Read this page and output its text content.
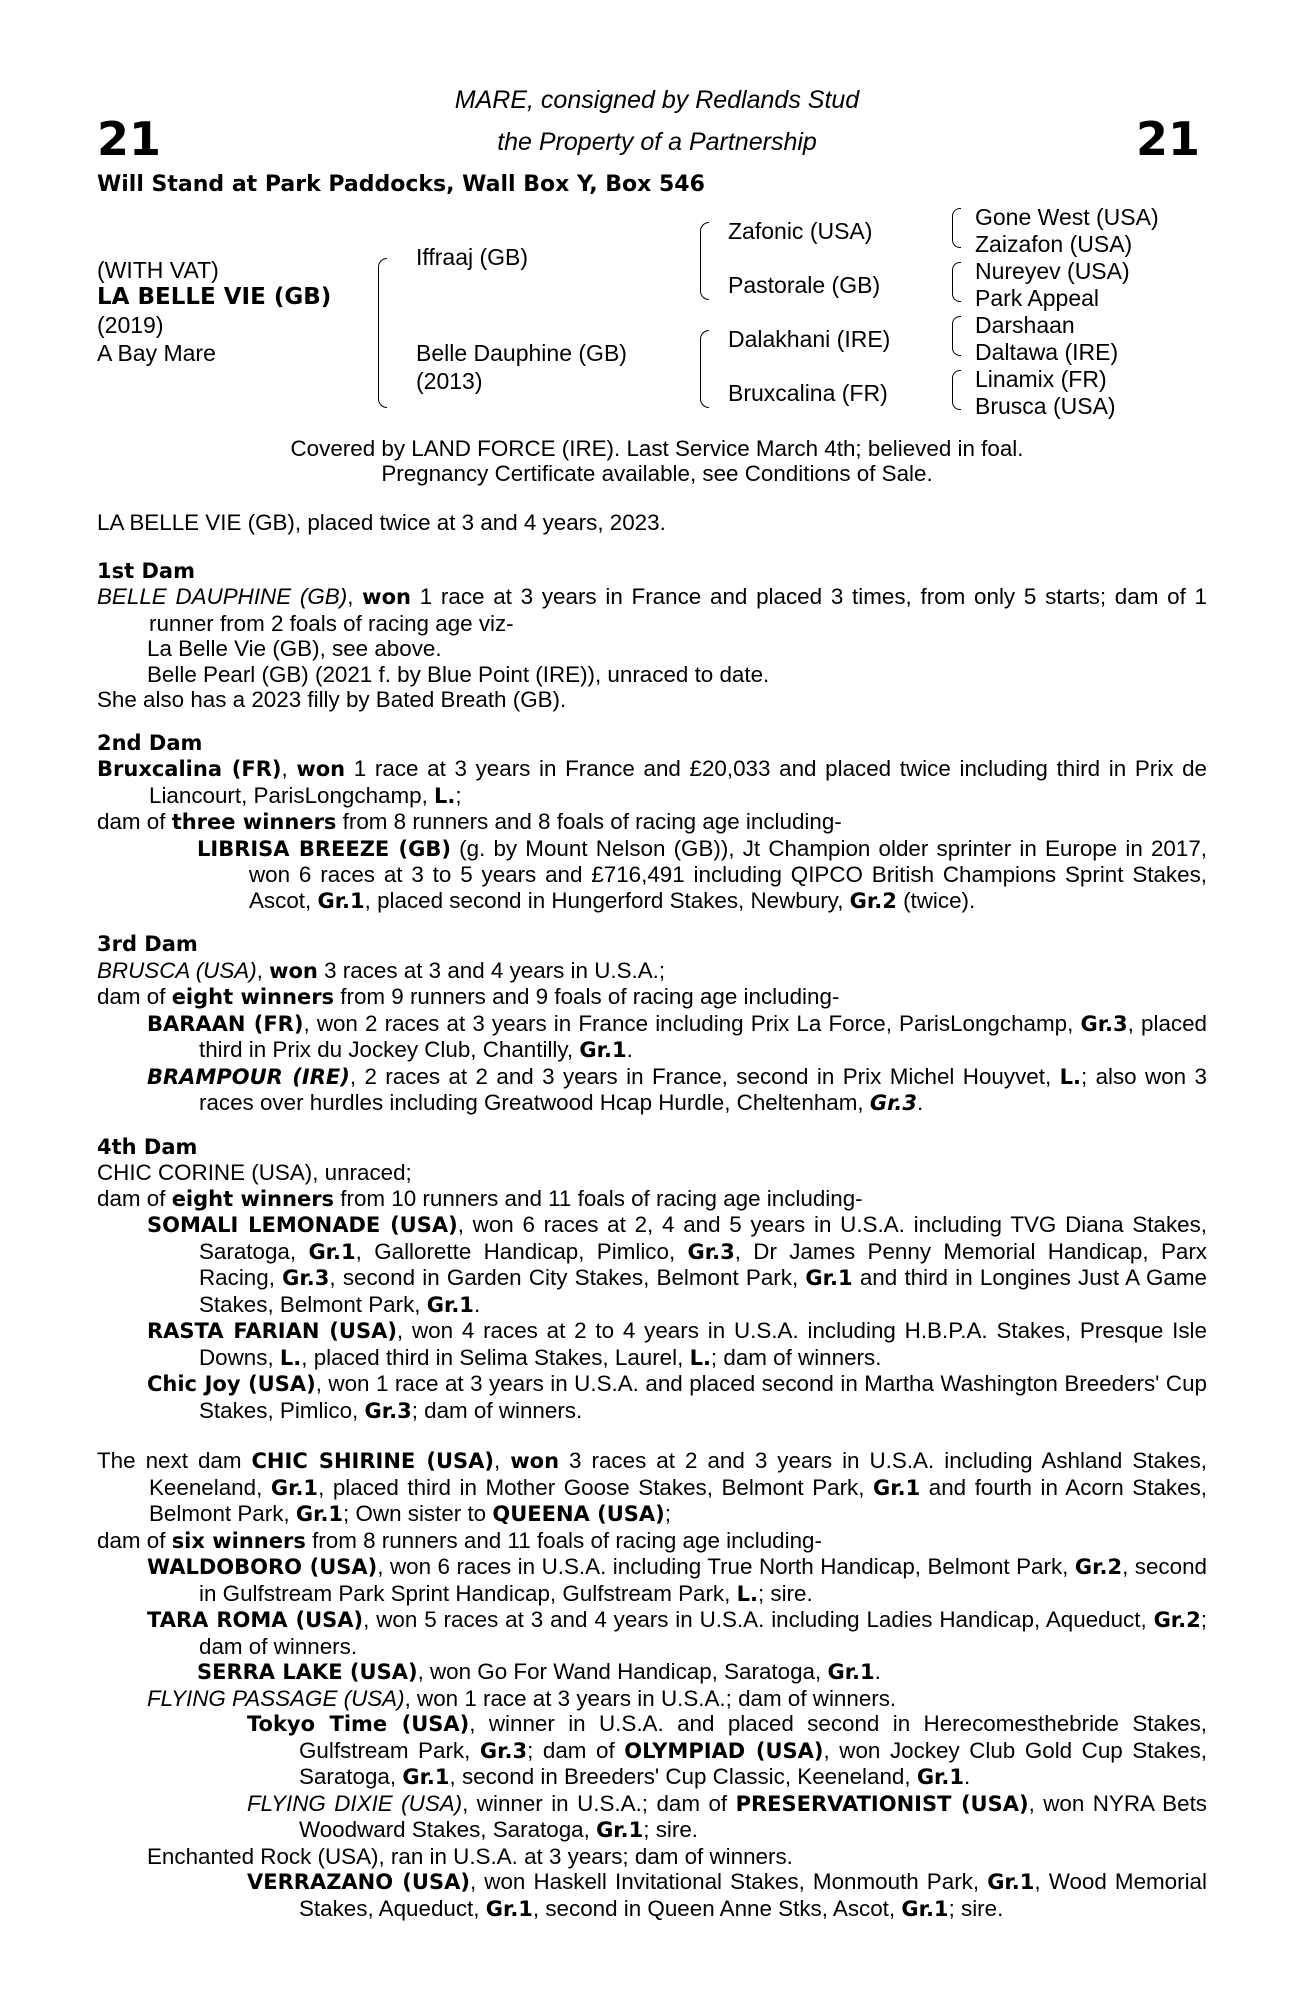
21	21
MARE, consigned by Redlands Stud
the Property of a Partnership
Will Stand at Park Paddocks, Wall Box Y, Box 546
(WITH VAT)
LA BELLE VIE (GB)
(2019)
A Bay Mare
Iffraaj (GB)
Belle Dauphine (GB)
(2013)
Zafonic (USA)
Pastorale (GB)
Dalakhani (IRE)
Bruxcalina (FR)
Gone West (USA)
Zaizafon (USA)
Nureyev (USA)
Park Appeal
Darshaan
Daltawa (IRE)
Linamix (FR)
Brusca (USA)
Covered by LAND FORCE (IRE). Last Service March 4th; believed in foal.
Pregnancy Certificate available, see Conditions of Sale.

LA BELLE VIE (GB), placed twice at 3 and 4 years, 2023.

1st Dam

BELLE DAUPHINE (GB), won 1 race at 3 years in France and placed 3 times, from only 5 starts; dam of 1 runner from 2 foals of racing age viz-

La Belle Vie (GB), see above.

Belle Pearl (GB) (2021 f. by Blue Point (IRE)), unraced to date.

She also has a 2023 filly by Bated Breath (GB).

2nd Dam

Bruxcalina (FR), won 1 race at 3 years in France and £20,033 and placed twice including third in Prix de Liancourt, ParisLongchamp, L.;

dam of three winners from 8 runners and 8 foals of racing age including-

LIBRISA BREEZE (GB) (g. by Mount Nelson (GB)), Jt Champion older sprinter in Europe in 2017, won 6 races at 3 to 5 years and £716,491 including QIPCO British Champions Sprint Stakes, Ascot, Gr.1, placed second in Hungerford Stakes, Newbury, Gr.2 (twice).

3rd Dam

BRUSCA (USA), won 3 races at 3 and 4 years in U.S.A.;

dam of eight winners from 9 runners and 9 foals of racing age including-

BARAAN (FR), won 2 races at 3 years in France including Prix La Force, ParisLongchamp, Gr.3, placed third in Prix du Jockey Club, Chantilly, Gr.1.

BRAMPOUR (IRE), 2 races at 2 and 3 years in France, second in Prix Michel Houyvet, L.; also won 3 races over hurdles including Greatwood Hcap Hurdle, Cheltenham, Gr.3.

4th Dam

CHIC CORINE (USA), unraced;

dam of eight winners from 10 runners and 11 foals of racing age including-

SOMALI LEMONADE (USA), won 6 races at 2, 4 and 5 years in U.S.A. including TVG Diana Stakes, Saratoga, Gr.1, Gallorette Handicap, Pimlico, Gr.3, Dr James Penny Memorial Handicap, Parx Racing, Gr.3, second in Garden City Stakes, Belmont Park, Gr.1 and third in Longines Just A Game Stakes, Belmont Park, Gr.1.

RASTA FARIAN (USA), won 4 races at 2 to 4 years in U.S.A. including H.B.P.A. Stakes, Presque Isle Downs, L., placed third in Selima Stakes, Laurel, L.; dam of winners.

Chic Joy (USA), won 1 race at 3 years in U.S.A. and placed second in Martha Washington Breeders' Cup Stakes, Pimlico, Gr.3; dam of winners.

The next dam CHIC SHIRINE (USA), won 3 races at 2 and 3 years in U.S.A. including Ashland Stakes, Keeneland, Gr.1, placed third in Mother Goose Stakes, Belmont Park, Gr.1 and fourth in Acorn Stakes, Belmont Park, Gr.1; Own sister to QUEENA (USA);

dam of six winners from 8 runners and 11 foals of racing age including-

WALDOBORO (USA), won 6 races in U.S.A. including True North Handicap, Belmont Park, Gr.2, second in Gulfstream Park Sprint Handicap, Gulfstream Park, L.; sire.

TARA ROMA (USA), won 5 races at 3 and 4 years in U.S.A. including Ladies Handicap, Aqueduct, Gr.2; dam of winners.

SERRA LAKE (USA), won Go For Wand Handicap, Saratoga, Gr.1.

FLYING PASSAGE (USA), won 1 race at 3 years in U.S.A.; dam of winners.

Tokyo Time (USA), winner in U.S.A. and placed second in Herecomesthebride Stakes, Gulfstream Park, Gr.3; dam of OLYMPIAD (USA), won Jockey Club Gold Cup Stakes, Saratoga, Gr.1, second in Breeders' Cup Classic, Keeneland, Gr.1.

FLYING DIXIE (USA), winner in U.S.A.; dam of PRESERVATIONIST (USA), won NYRA Bets Woodward Stakes, Saratoga, Gr.1; sire.

Enchanted Rock (USA), ran in U.S.A. at 3 years; dam of winners.

VERRAZANO (USA), won Haskell Invitational Stakes, Monmouth Park, Gr.1, Wood Memorial Stakes, Aqueduct, Gr.1, second in Queen Anne Stks, Ascot, Gr.1; sire.
